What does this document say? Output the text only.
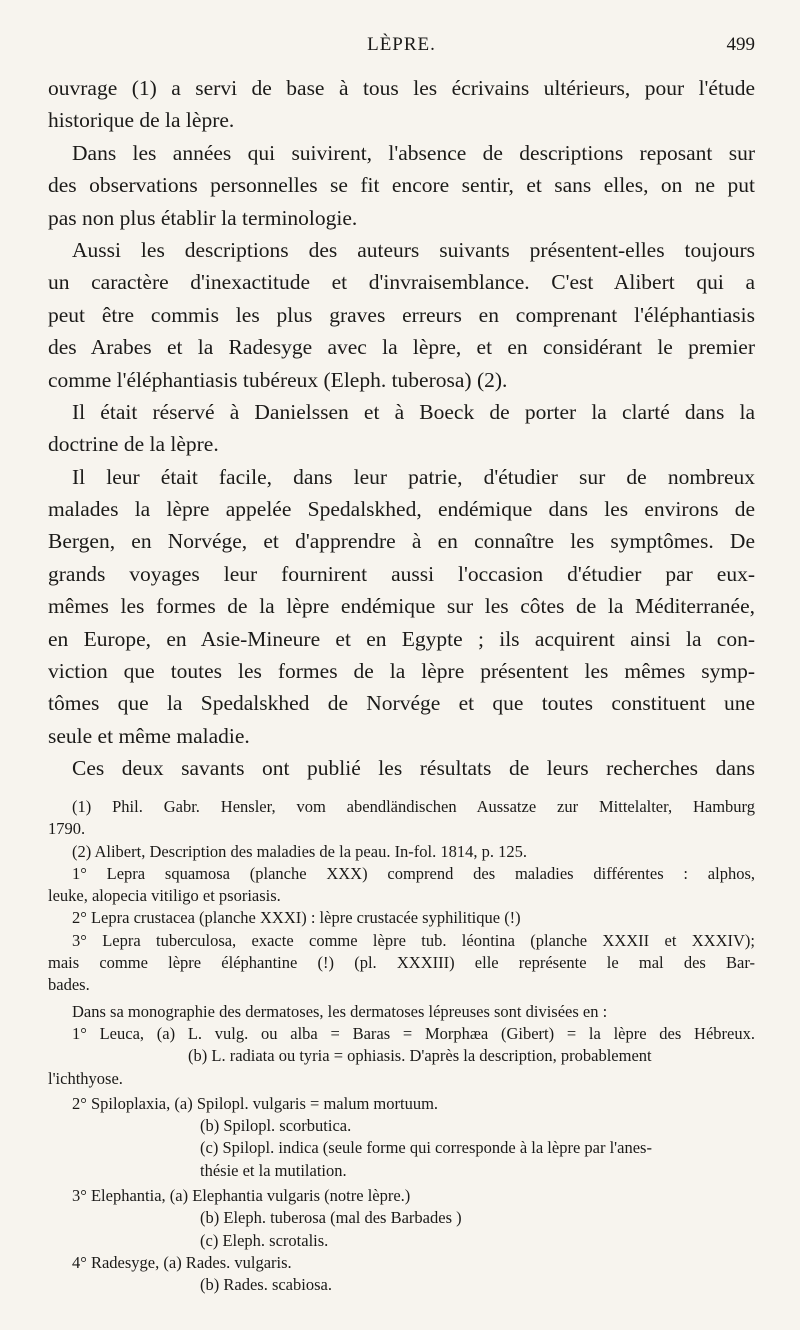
LÈPRE.	499
ouvrage (1) a servi de base à tous les écrivains ultérieurs, pour l'étude
historique de la lèpre.
Dans les années qui suivirent, l'absence de descriptions reposant sur
des observations personnelles se fit encore sentir, et sans elles, on ne put
pas non plus établir la terminologie.
Aussi les descriptions des auteurs suivants présentent-elles toujours
un caractère d'inexactitude et d'invraisemblance. C'est Alibert qui a
peut être commis les plus graves erreurs en comprenant l'éléphantiasis
des Arabes et la Radesyge avec la lèpre, et en considérant le premier
comme l'éléphantiasis tubéreux (Eleph. tuberosa) (2).
Il était réservé à Danielssen et à Boeck de porter la clarté dans la
doctrine de la lèpre.
Il leur était facile, dans leur patrie, d'étudier sur de nombreux
malades la lèpre appelée Spedalskhed, endémique dans les environs de
Bergen, en Norvége, et d'apprendre à en connaître les symptômes. De
grands voyages leur fournirent aussi l'occasion d'étudier par eux-
mêmes les formes de la lèpre endémique sur les côtes de la Méditerranée,
en Europe, en Asie-Mineure et en Egypte ; ils acquirent ainsi la con-
viction que toutes les formes de la lèpre présentent les mêmes symp-
tômes que la Spedalskhed de Norvége et que toutes constituent une
seule et même maladie.
Ces deux savants ont publié les résultats de leurs recherches dans
(1) Phil. Gabr. Hensler, vom abendländischen Aussatze zur Mittelalter, Hamburg
1790.
(2) Alibert, Description des maladies de la peau. In-fol. 1814, p. 125.
1° Lepra squamosa (planche XXX) comprend des maladies différentes : alphos,
leuke, alopecia vitiligo et psoriasis.
2° Lepra crustacea (planche XXXI) : lèpre crustacée syphilitique (!)
3° Lepra tuberculosa, exacte comme lèpre tub. léontina (planche XXXII et XXXIV);
mais comme lèpre éléphantine (!) (pl. XXXIII) elle représente le mal des Bar-
bades.
Dans sa monographie des dermatoses, les dermatoses lépreuses sont divisées en :
1° Leuca, (a) L. vulg. ou alba = Baras = Morphæa (Gibert) = la lèpre des Hébreux.
(b) L. radiata ou tyria = ophiasis. D'après la description, probablement
l'ichthyose.
2° Spiloplaxia, (a) Spilopl. vulgaris = malum mortuum.
(b) Spilopl. scorbutica.
(c) Spilopl. indica (seule forme qui corresponde à la lèpre par l'anes-
thésie et la mutilation.
3° Elephantia, (a) Elephantia vulgaris (notre lèpre.)
(b) Eleph. tuberosa (mal des Barbades )
(c) Eleph. scrotalis.
4° Radesyge, (a) Rades. vulgaris.
(b) Rades. scabiosa.
